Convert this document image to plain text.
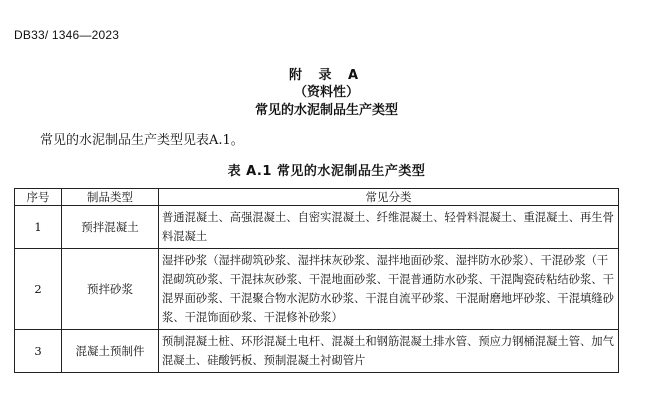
DB33/ 1346—2023
附 录 A
（资料性）
常见的水泥制品生产类型
常见的水泥制品生产类型见表A.1。
表 A.1 常见的水泥制品生产类型
序号	制品类型	常见分类
1	预拌混凝土	普通混凝土、高强混凝土、自密实混凝土、纤维混凝土、轻骨料混凝土、重混凝土、再生骨料混凝土
2	预拌砂浆	湿拌砂浆（湿拌砌筑砂浆、湿拌抹灰砂浆、湿拌地面砂浆、湿拌防水砂浆）、干混砂浆（干混砌筑砂浆、干混抹灰砂浆、干混地面砂浆、干混普通防水砂浆、干混陶瓷砖粘结砂浆、干混界面砂浆、干混聚合物水泥防水砂浆、干混自流平砂浆、干混耐磨地坪砂浆、干混填缝砂浆、干混饰面砂浆、干混修补砂浆）
3	混凝土预制件	预制混凝土桩、环形混凝土电杆、混凝土和钢筋混凝土排水管、预应力钢桶混凝土管、加气混凝土、硅酸钙板、预制混凝土衬砌管片
